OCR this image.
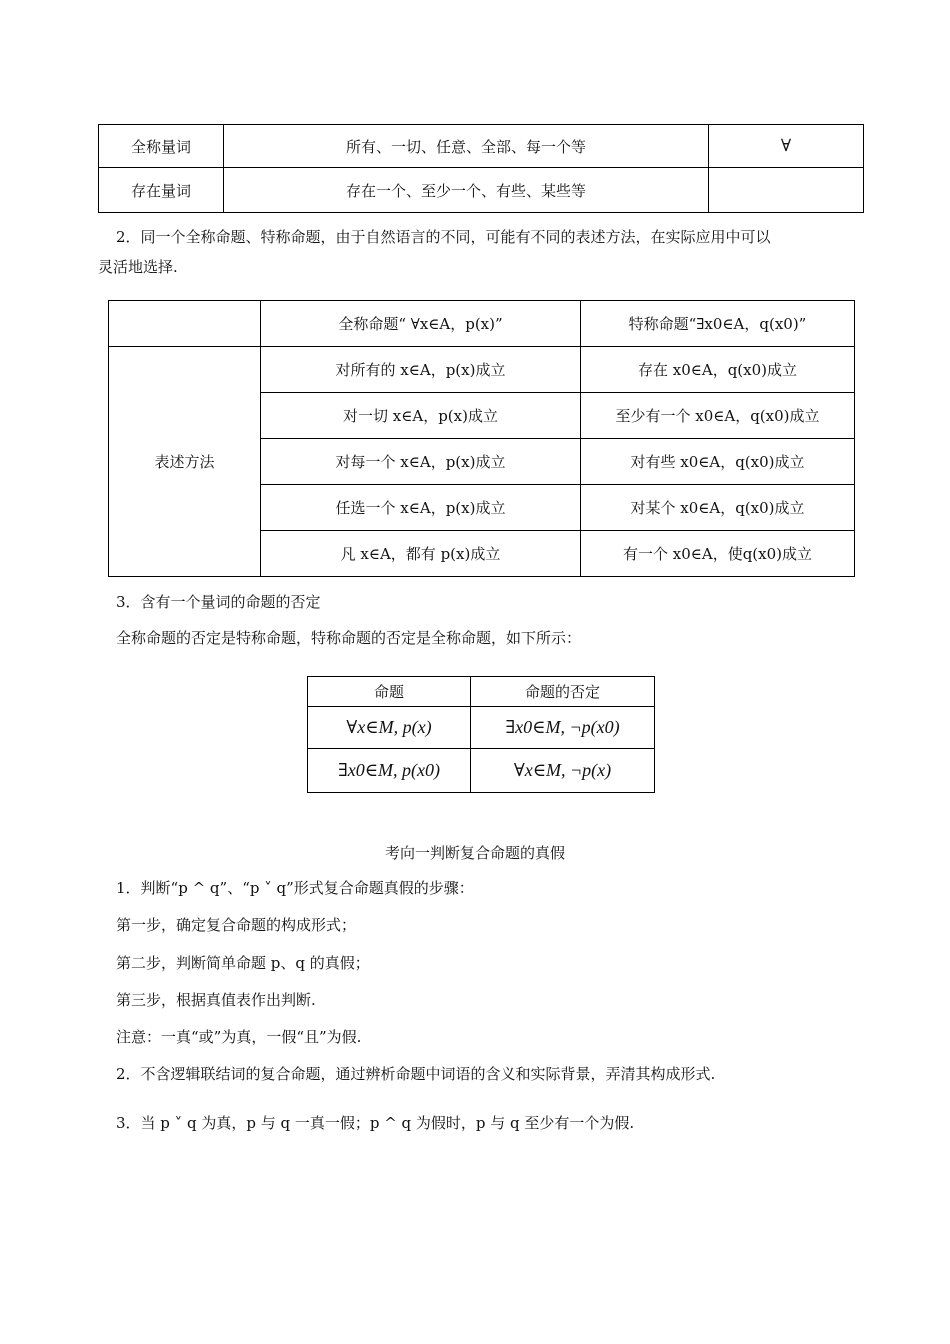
全称量词	所有、一切、任意、全部、每一个等	∀
存在量词	存在一个、至少一个、有些、某些等	
2．同一个全称命题、特称命题，由于自然语言的不同，可能有不同的表述方法，在实际应用中可以
灵活地选择.
	全称命题“ ∀x∈A，p(x)”	特称命题“∃x0∈A，q(x0)”
表述方法	对所有的 x∈A，p(x)成立	存在 x0∈A，q(x0)成立
	对一切 x∈A，p(x)成立	至少有一个 x0∈A，q(x0)成立
	对每一个 x∈A，p(x)成立	对有些 x0∈A，q(x0)成立
	任选一个 x∈A，p(x)成立	对某个 x0∈A，q(x0)成立
	凡 x∈A，都有 p(x)成立	有一个 x0∈A，使q(x0)成立
3．含有一个量词的命题的否定
全称命题的否定是特称命题，特称命题的否定是全称命题，如下所示：
命题	命题的否定
∀x∈M, p(x)	∃x0∈M, ¬p(x0)
∃x0∈M, p(x0)	∀x∈M, ¬p(x)
考向一判断复合命题的真假
1．判断“p ^ q”、“p ˅ q”形式复合命题真假的步骤：
第一步，确定复合命题的构成形式；
第二步，判断简单命题 p、q 的真假；
第三步，根据真值表作出判断.
注意：一真“或”为真，一假“且”为假.
2．不含逻辑联结词的复合命题，通过辨析命题中词语的含义和实际背景，弄清其构成形式.
3．当 p ˅ q 为真，p 与 q 一真一假；p ^ q 为假时，p 与 q 至少有一个为假.
